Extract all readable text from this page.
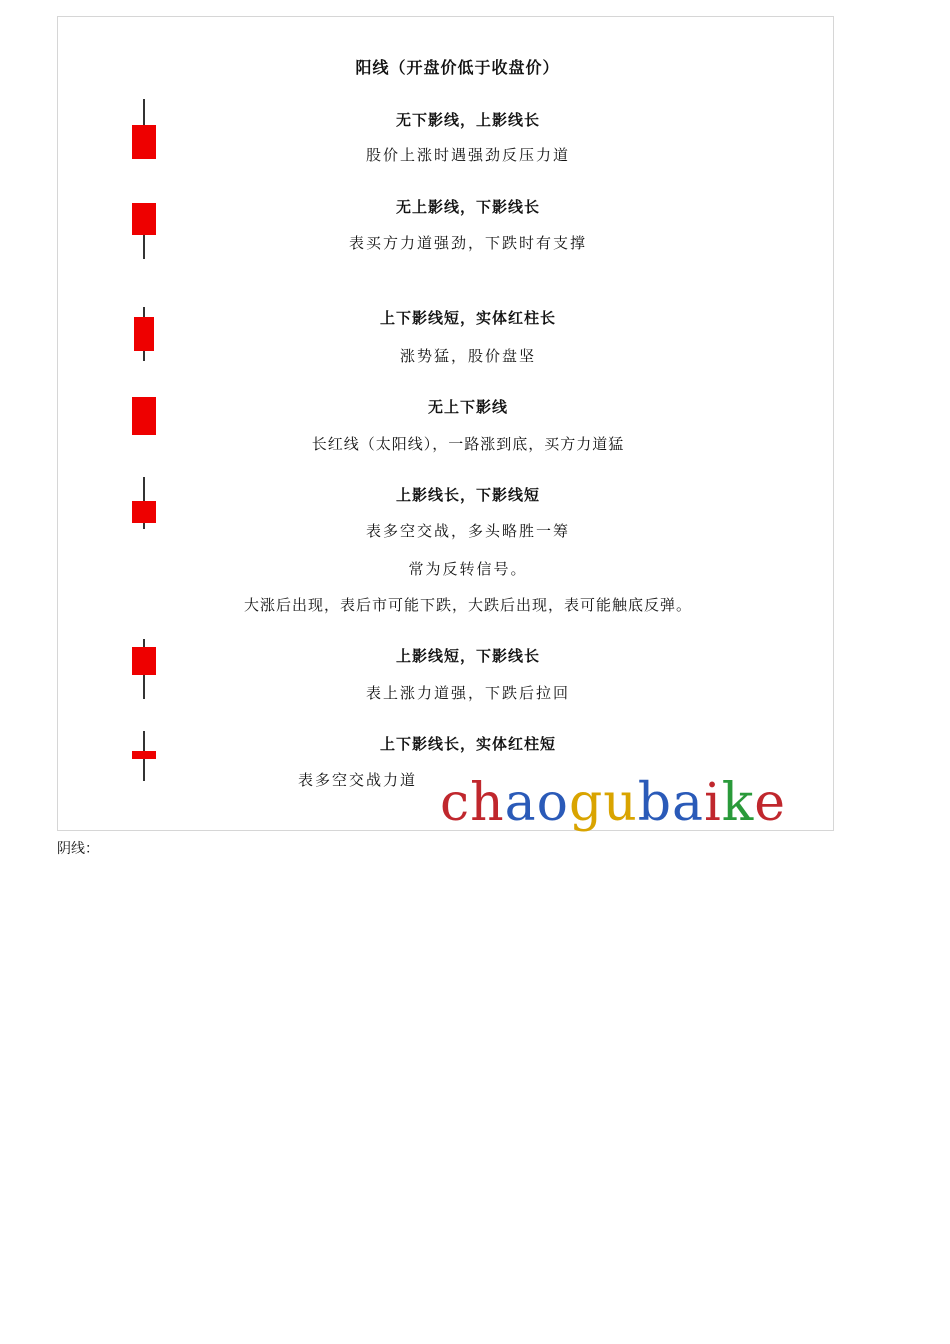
阳线（开盘价低于收盘价）
无下影线，上影线长
股价上涨时遇强劲反压力道
无上影线，下影线长
表买方力道强劲，下跌时有支撑
上下影线短，实体红柱长
涨势猛，股价盘坚
无上下影线
长红线（太阳线），一路涨到底，买方力道猛
上影线长，下影线短
表多空交战，多头略胜一筹
常为反转信号。
大涨后出现，表后市可能下跌，大跌后出现，表可能触底反弹。
上影线短，下影线长
表上涨力道强，下跌后拉回
上下影线长，实体红柱短
表多空交战力道 chaogubaike
阴线：
